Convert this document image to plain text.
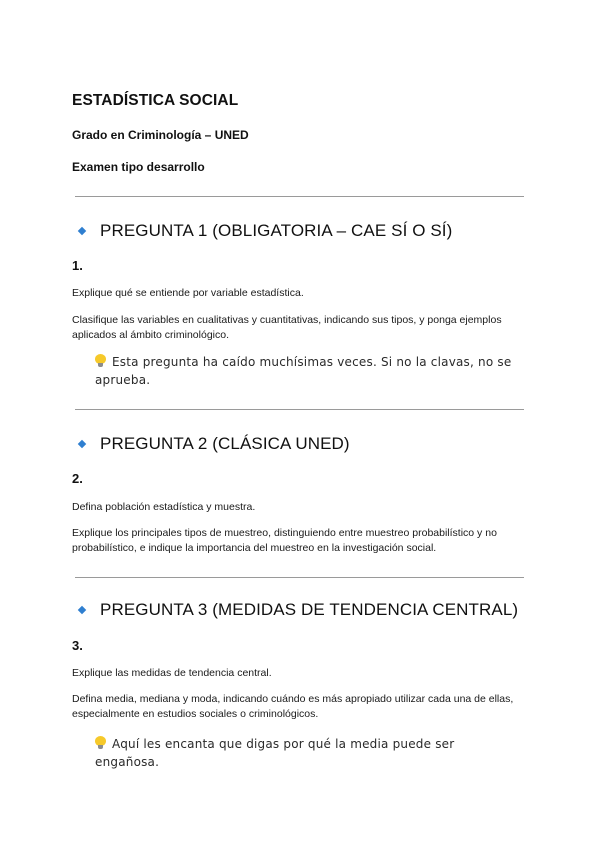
ESTADÍSTICA SOCIAL
Grado en Criminología – UNED
Examen tipo desarrollo
PREGUNTA 1 (OBLIGATORIA – CAE SÍ O SÍ)
1.
Explique qué se entiende por variable estadística.
Clasifique las variables en cualitativas y cuantitativas, indicando sus tipos, y ponga ejemplos aplicados al ámbito criminológico.
Esta pregunta ha caído muchísimas veces. Si no la clavas, no se aprueba.
PREGUNTA 2 (CLÁSICA UNED)
2.
Defina población estadística y muestra.
Explique los principales tipos de muestreo, distinguiendo entre muestreo probabilístico y no probabilístico, e indique la importancia del muestreo en la investigación social.
PREGUNTA 3 (MEDIDAS DE TENDENCIA CENTRAL)
3.
Explique las medidas de tendencia central.
Defina media, mediana y moda, indicando cuándo es más apropiado utilizar cada una de ellas, especialmente en estudios sociales o criminológicos.
Aquí les encanta que digas por qué la media puede ser engañosa.
